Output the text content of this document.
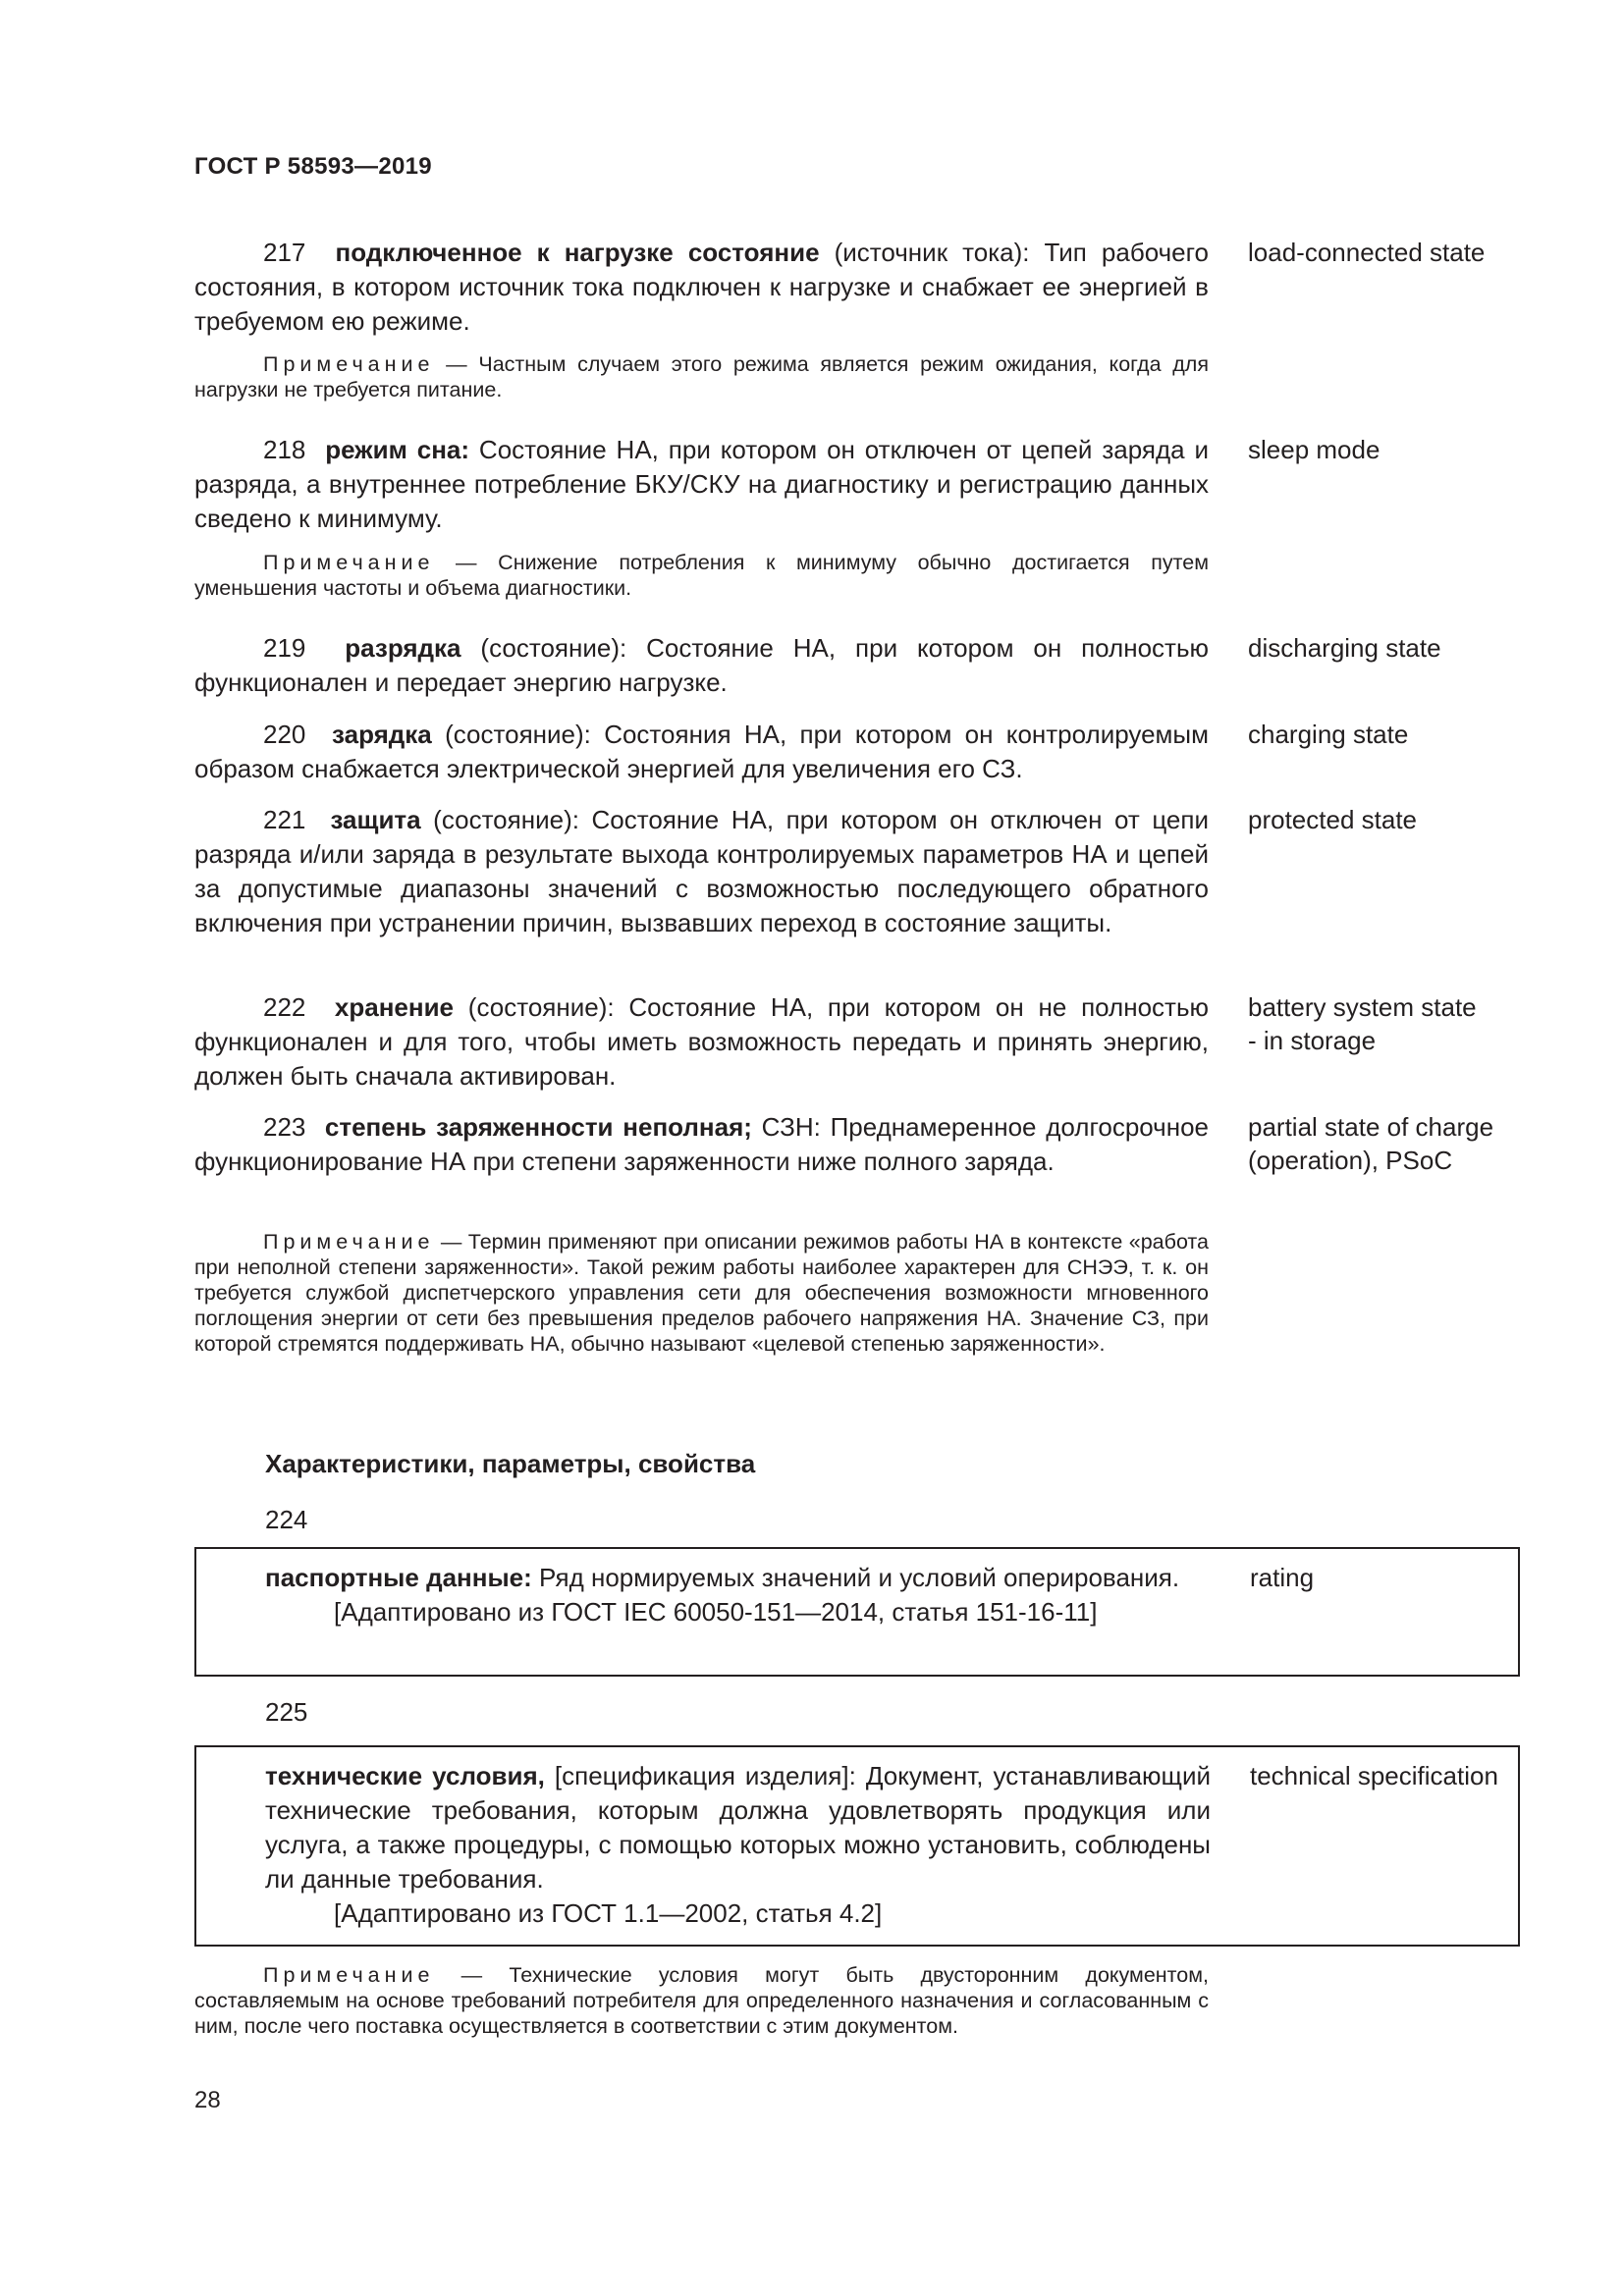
ГОСТ Р 58593—2019
217 подключенное к нагрузке состояние (источник тока): Тип рабочего состояния, в котором источник тока подключен к нагрузке и снабжает ее энергией в требуемом ею режиме.
load-connected state
Примечание — Частным случаем этого режима является режим ожидания, когда для нагрузки не требуется питание.
218 режим сна: Состояние НА, при котором он отключен от цепей заряда и разряда, а внутреннее потребление БКУ/СКУ на диагностику и регистрацию данных сведено к минимуму.
sleep mode
Примечание — Снижение потребления к минимуму обычно достигается путем уменьшения частоты и объема диагностики.
219 разрядка (состояние): Состояние НА, при котором он полностью функционален и передает энергию нагрузке.
discharging state
220 зарядка (состояние): Состояния НА, при котором он контролируемым образом снабжается электрической энергией для увеличения его СЗ.
charging state
221 защита (состояние): Состояние НА, при котором он отключен от цепи разряда и/или заряда в результате выхода контролируемых параметров НА и цепей за допустимые диапазоны значений с возможностью последующего обратного включения при устранении причин, вызвавших переход в состояние защиты.
protected state
222 хранение (состояние): Состояние НА, при котором он не полностью функционален и для того, чтобы иметь возможность передать и принять энергию, должен быть сначала активирован.
battery system state
- in storage
223 степень заряженности неполная; СЗН: Преднамеренное долгосрочное функционирование НА при степени заряженности ниже полного заряда.
partial state of charge
(operation), PSoC
Примечание — Термин применяют при описании режимов работы НА в контексте «работа при неполной степени заряженности». Такой режим работы наиболее характерен для СНЭЭ, т. к. он требуется службой диспетчерского управления сети для обеспечения возможности мгновенного поглощения энергии от сети без превышения пределов рабочего напряжения НА. Значение СЗ, при которой стремятся поддерживать НА, обычно называют «целевой степенью заряженности».
Характеристики, параметры, свойства
224
паспортные данные: Ряд нормируемых значений и условий оперирования.
[Адаптировано из ГОСТ IEC 60050-151—2014, статья 151-16-11]
rating
225
технические условия, [спецификация изделия]: Документ, устанавливающий технические требования, которым должна удовлетворять продукция или услуга, а также процедуры, с помощью которых можно установить, соблюдены ли данные требования.
[Адаптировано из ГОСТ 1.1—2002, статья 4.2]
technical specification
Примечание — Технические условия могут быть двусторонним документом, составляемым на основе требований потребителя для определенного назначения и согласованным с ним, после чего поставка осуществляется в соответствии с этим документом.
28
